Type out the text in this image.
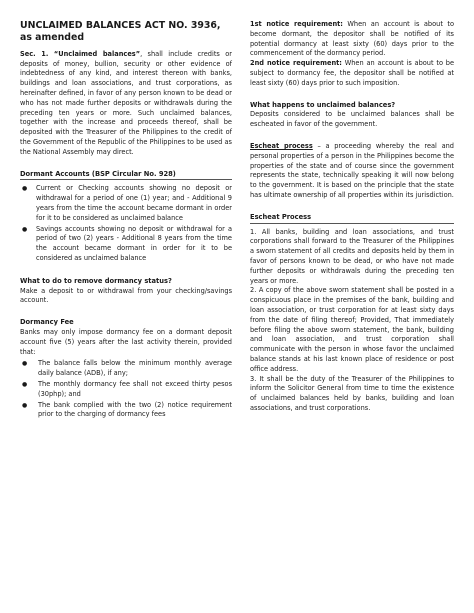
UNCLAIMED BALANCES ACT NO. 3936, as amended

Sec. 1. “Unclaimed balances”, shall include credits or deposits of money, bullion, security or other evidence of indebtedness of any kind, and interest thereon with banks, buildings and loan associations, and trust corporations, as hereinafter defined, in favor of any person known to be dead or who has not made further deposits or withdrawals during the preceding ten years or more. Such unclaimed balances, together with the increase and proceeds thereof, shall be deposited with the Treasurer of the Philippines to the credit of the Government of the Republic of the Philippines to be used as the National Assembly may direct.

Dormant Accounts (BSP Circular No. 928)

● Current or Checking accounts showing no deposit or withdrawal for a period of one (1) year; and - Additional 9 years from the time the account became dormant in order for it to be considered as unclaimed balance
● Savings accounts showing no deposit or withdrawal for a period of two (2) years - Additional 8 years from the time the account became dormant in order for it to be considered as unclaimed balance

What to do to remove dormancy status?

Make a deposit to or withdrawal from your checking/savings account.

Dormancy Fee

Banks may only impose dormancy fee on a dormant deposit account five (5) years after the last activity therein, provided that:

● The balance falls below the minimum monthly average daily balance (ADB), if any;
● The monthly dormancy fee shall not exceed thirty pesos (30php); and
● The bank complied with the two (2) notice requirement prior to the charging of dormancy fees

1st notice requirement: When an account is about to become dormant, the depositor shall be notified of its potential dormancy at least sixty (60) days prior to the commencement of the dormancy period.

2nd notice requirement: When an account is about to be subject to dormancy fee, the depositor shall be notified at least sixty (60) days prior to such imposition.

What happens to unclaimed balances?

Deposits considered to be unclaimed balances shall be escheated in favor of the government.

Escheat process – a proceeding whereby the real and personal properties of a person in the Philippines become the properties of the state and of course since the government represents the state, technically speaking it will now belong to the government. It is based on the principle that the state has ultimate ownership of all properties within its jurisdiction.

Escheat Process

1. All banks, building and loan associations, and trust corporations shall forward to the Treasurer of the Philippines a sworn statement of all credits and deposits held by them in favor of persons known to be dead, or who have not made further deposits or withdrawals during the preceding ten years or more.

2. A copy of the above sworn statement shall be posted in a conspicuous place in the premises of the bank, building and loan association, or trust corporation for at least sixty days from the date of filing thereof; Provided, That immediately before filing the above sworn statement, the bank, building and loan association, and trust corporation shall communicate with the person in whose favor the unclaimed balance stands at his last known place of residence or post office address.

3. It shall be the duty of the Treasurer of the Philippines to inform the Solicitor General from time to time the existence of unclaimed balances held by banks, building and loan associations, and trust corporations.
